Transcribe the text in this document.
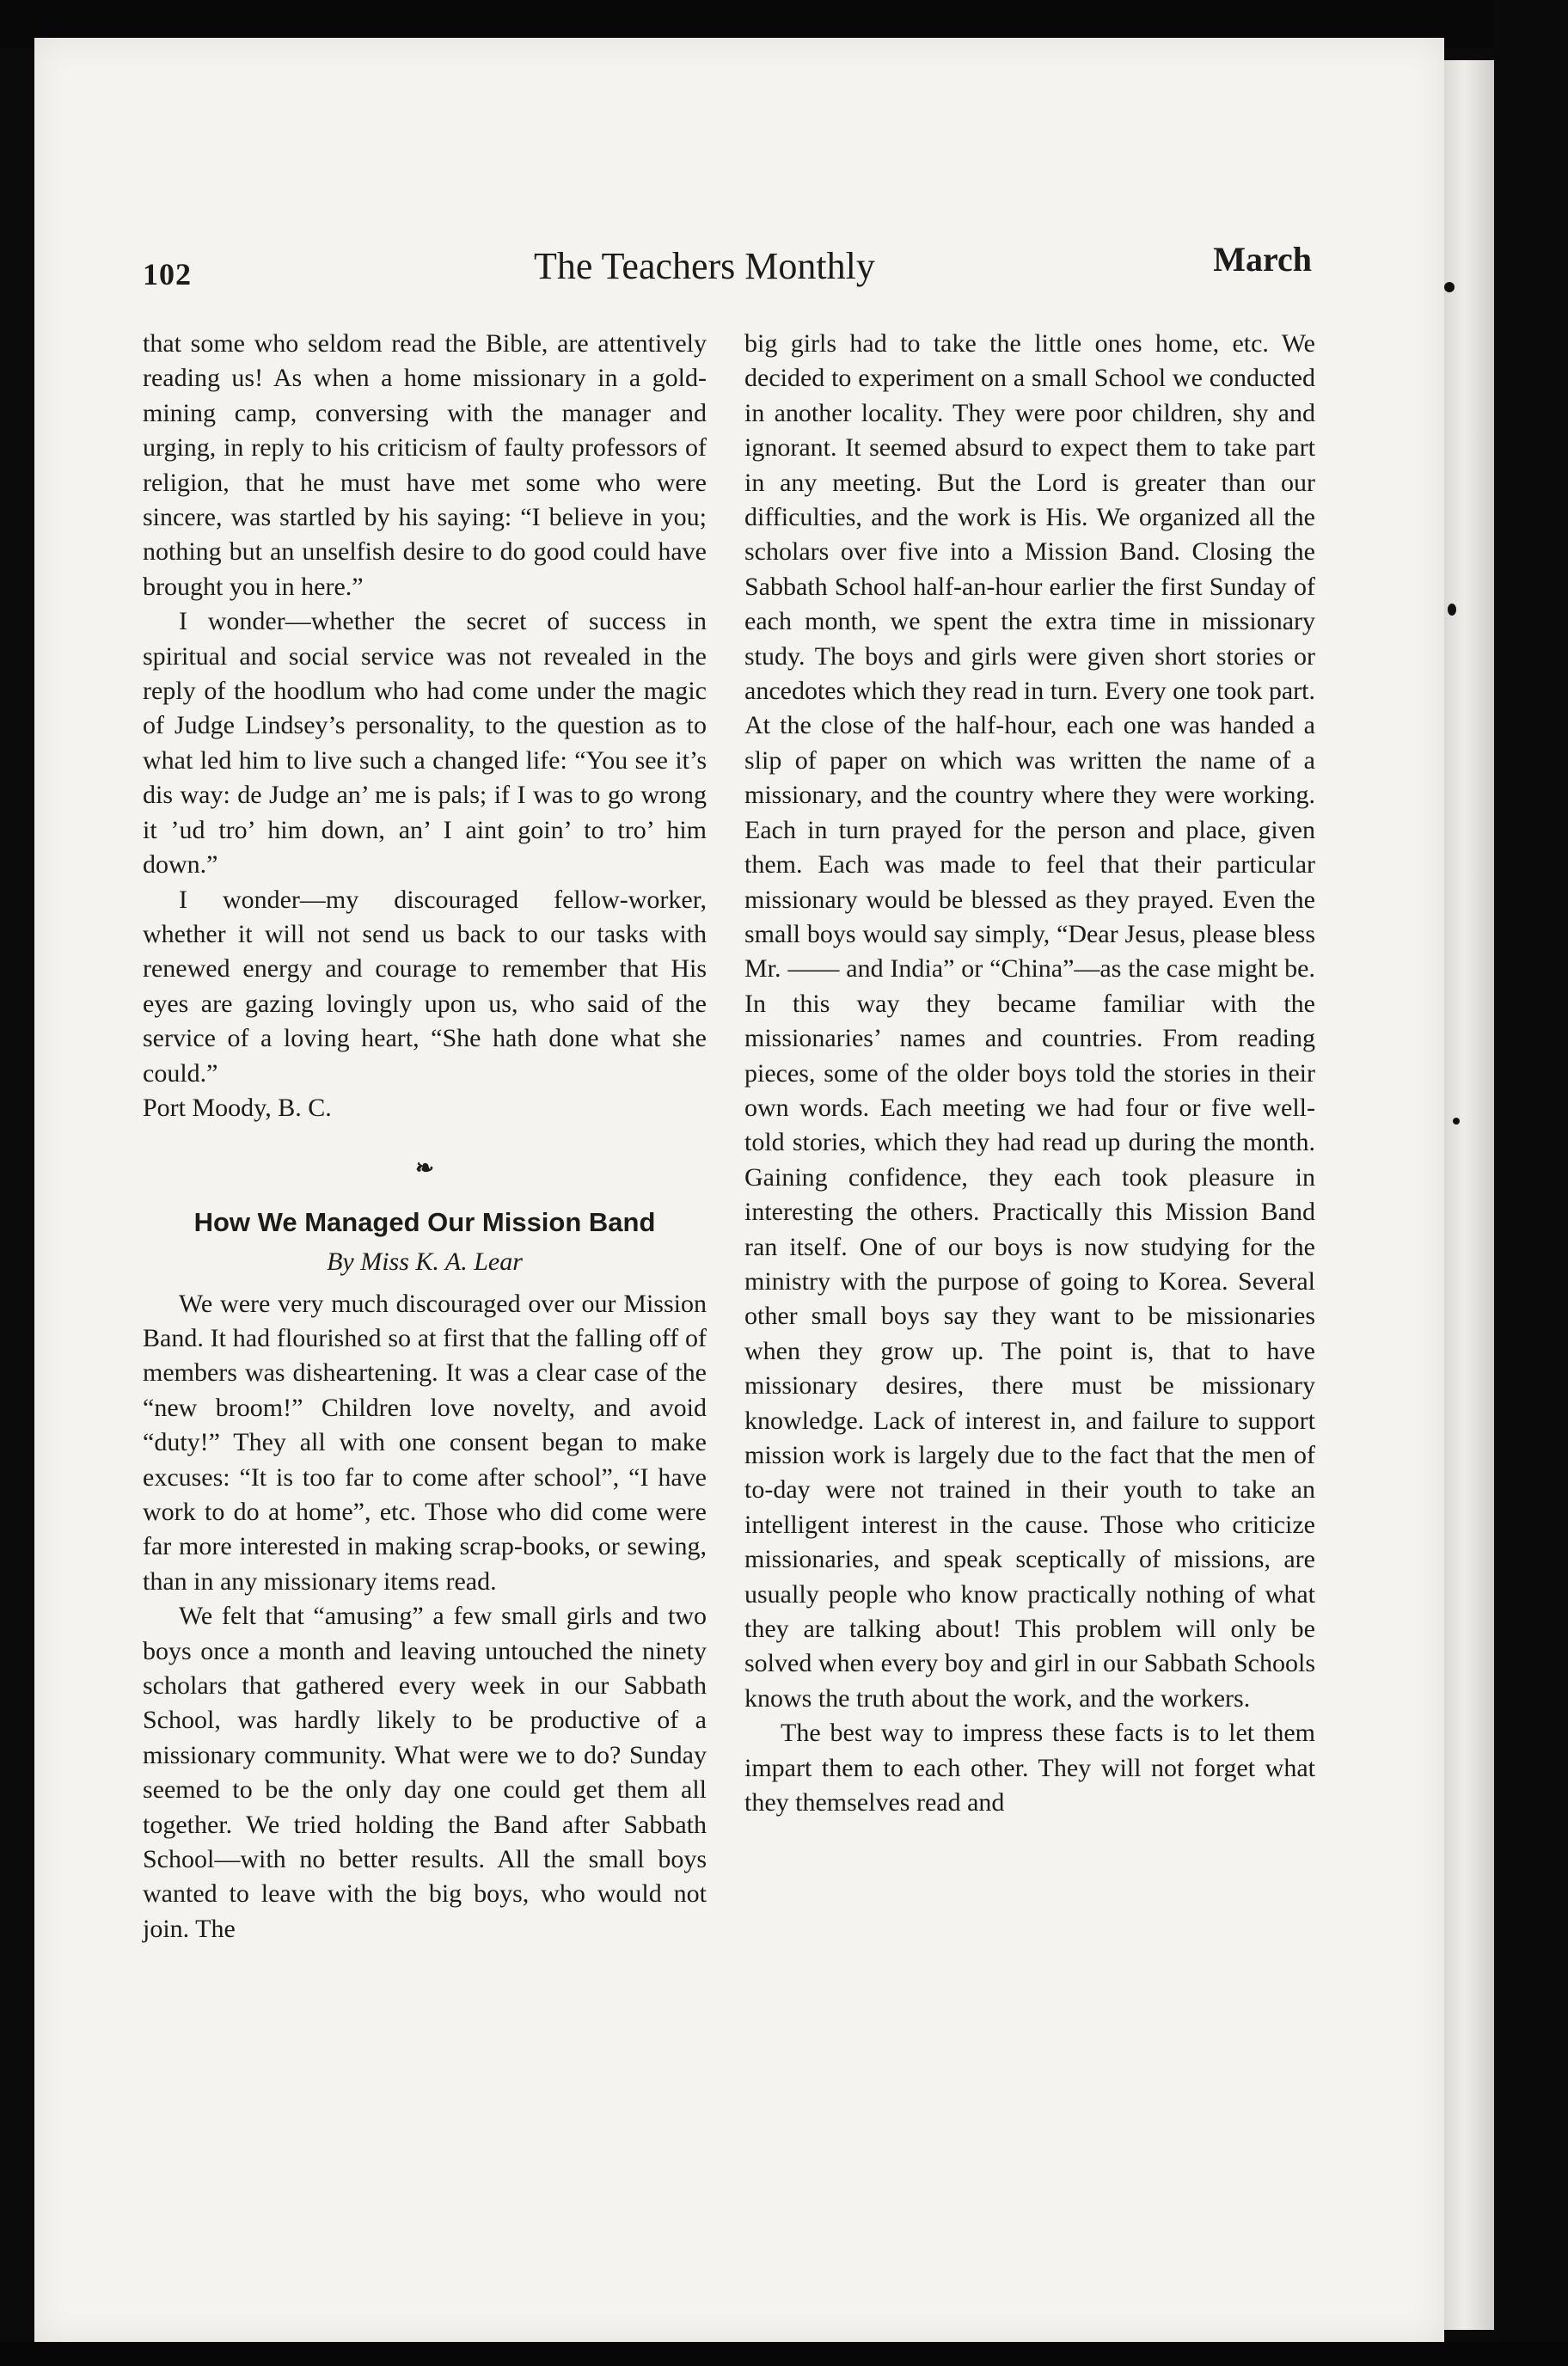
102	The Teachers Monthly	March

that some who seldom read the Bible, are attentively reading us! As when a home missionary in a gold-mining camp, conversing with the manager and urging, in reply to his criticism of faulty professors of religion, that he must have met some who were sincere, was startled by his saying: “I believe in you; nothing but an unselfish desire to do good could have brought you in here.”

I wonder—whether the secret of success in spiritual and social service was not revealed in the reply of the hoodlum who had come under the magic of Judge Lindsey’s personality, to the question as to what led him to live such a changed life: “You see it’s dis way: de Judge an’ me is pals; if I was to go wrong it ’ud tro’ him down, an’ I aint goin’ to tro’ him down.”

I wonder—my discouraged fellow-worker, whether it will not send us back to our tasks with renewed energy and courage to remember that His eyes are gazing lovingly upon us, who said of the service of a loving heart, “She hath done what she could.”

Port Moody, B. C.

❧
How We Managed Our Mission Band
By Miss K. A. Lear

We were very much discouraged over our Mission Band. It had flourished so at first that the falling off of members was disheartening. It was a clear case of the “new broom!” Children love novelty, and avoid “duty!” They all with one consent began to make excuses: “It is too far to come after school”, “I have work to do at home”, etc. Those who did come were far more interested in making scrap-books, or sewing, than in any missionary items read.

We felt that “amusing” a few small girls and two boys once a month and leaving untouched the ninety scholars that gathered every week in our Sabbath School, was hardly likely to be productive of a missionary community. What were we to do? Sunday seemed to be the only day one could get them all together. We tried holding the Band after Sabbath School—with no better results. All the small boys wanted to leave with the big boys, who would not join. The

big girls had to take the little ones home, etc. We decided to experiment on a small School we conducted in another locality. They were poor children, shy and ignorant. It seemed absurd to expect them to take part in any meeting. But the Lord is greater than our difficulties, and the work is His. We organized all the scholars over five into a Mission Band. Closing the Sabbath School half-an-hour earlier the first Sunday of each month, we spent the extra time in missionary study. The boys and girls were given short stories or ancedotes which they read in turn. Every one took part. At the close of the half-hour, each one was handed a slip of paper on which was written the name of a missionary, and the country where they were working. Each in turn prayed for the person and place, given them. Each was made to feel that their particular missionary would be blessed as they prayed. Even the small boys would say simply, “Dear Jesus, please bless Mr. —— and India” or “China”—as the case might be. In this way they became familiar with the missionaries’ names and countries. From reading pieces, some of the older boys told the stories in their own words. Each meeting we had four or five well-told stories, which they had read up during the month. Gaining confidence, they each took pleasure in interesting the others. Practically this Mission Band ran itself. One of our boys is now studying for the ministry with the purpose of going to Korea. Several other small boys say they want to be missionaries when they grow up. The point is, that to have missionary desires, there must be missionary knowledge. Lack of interest in, and failure to support mission work is largely due to the fact that the men of to-day were not trained in their youth to take an intelligent interest in the cause. Those who criticize missionaries, and speak sceptically of missions, are usually people who know practically nothing of what they are talking about! This problem will only be solved when every boy and girl in our Sabbath Schools knows the truth about the work, and the workers.

The best way to impress these facts is to let them impart them to each other. They will not forget what they themselves read and
